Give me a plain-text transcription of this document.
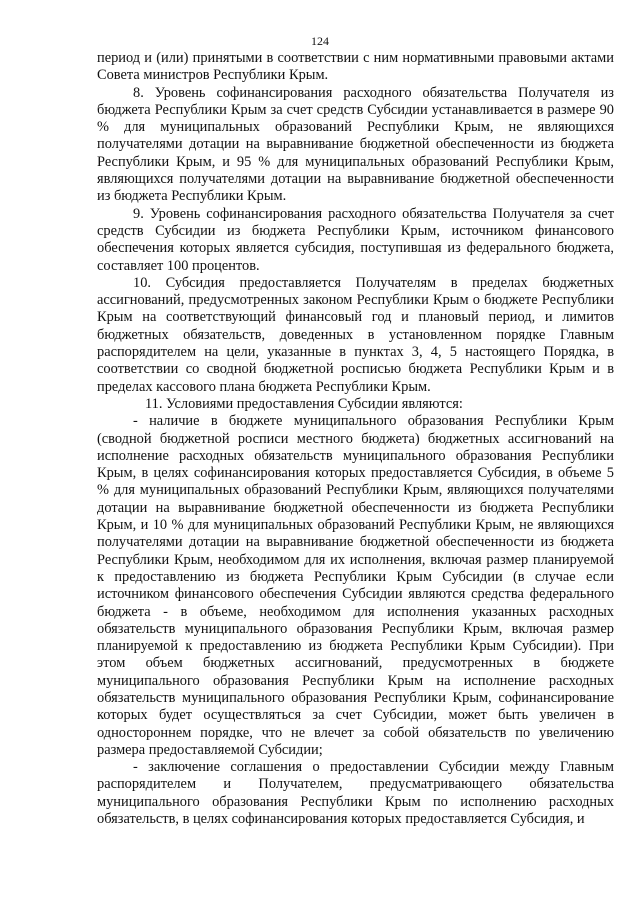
124

период и (или) принятыми в соответствии с ним нормативными правовыми актами Совета министров Республики Крым.

8. Уровень софинансирования расходного обязательства Получателя из бюджета Республики Крым за счет средств Субсидии устанавливается в размере 90 % для муниципальных образований Республики Крым, не являющихся получателями дотации на выравнивание бюджетной обеспеченности из бюджета Республики Крым, и 95 % для муниципальных образований Республики Крым, являющихся получателями дотации на выравнивание бюджетной обеспеченности из бюджета Республики Крым.

9. Уровень софинансирования расходного обязательства Получателя за счет средств Субсидии из бюджета Республики Крым, источником финансового обеспечения которых является субсидия, поступившая из федерального бюджета, составляет 100 процентов.

10. Субсидия предоставляется Получателям в пределах бюджетных ассигнований, предусмотренных законом Республики Крым о бюджете Республики Крым на соответствующий финансовый год и плановый период, и лимитов бюджетных обязательств, доведенных в установленном порядке Главным распорядителем на цели, указанные в пунктах 3, 4, 5 настоящего Порядка, в соответствии со сводной бюджетной росписью бюджета Республики Крым и в пределах кассового плана бюджета Республики Крым.

11. Условиями предоставления Субсидии являются:

- наличие в бюджете муниципального образования Республики Крым (сводной бюджетной росписи местного бюджета) бюджетных ассигнований на исполнение расходных обязательств муниципального образования Республики Крым, в целях софинансирования которых предоставляется Субсидия, в объеме 5 % для муниципальных образований Республики Крым, являющихся получателями дотации на выравнивание бюджетной обеспеченности из бюджета Республики Крым, и 10 % для муниципальных образований Республики Крым, не являющихся получателями дотации на выравнивание бюджетной обеспеченности из бюджета Республики Крым, необходимом для их исполнения, включая размер планируемой к предоставлению из бюджета Республики Крым Субсидии (в случае если источником финансового обеспечения Субсидии являются средства федерального бюджета - в объеме, необходимом для исполнения указанных расходных обязательств муниципального образования Республики Крым, включая размер планируемой к предоставлению из бюджета Республики Крым Субсидии). При этом объем бюджетных ассигнований, предусмотренных в бюджете муниципального образования Республики Крым на исполнение расходных обязательств муниципального образования Республики Крым, софинансирование которых будет осуществляться за счет Субсидии, может быть увеличен в одностороннем порядке, что не влечет за собой обязательств по увеличению размера предоставляемой Субсидии;

- заключение соглашения о предоставлении Субсидии между Главным распорядителем и Получателем, предусматривающего обязательства муниципального образования Республики Крым по исполнению расходных обязательств, в целях софинансирования которых предоставляется Субсидия, и
